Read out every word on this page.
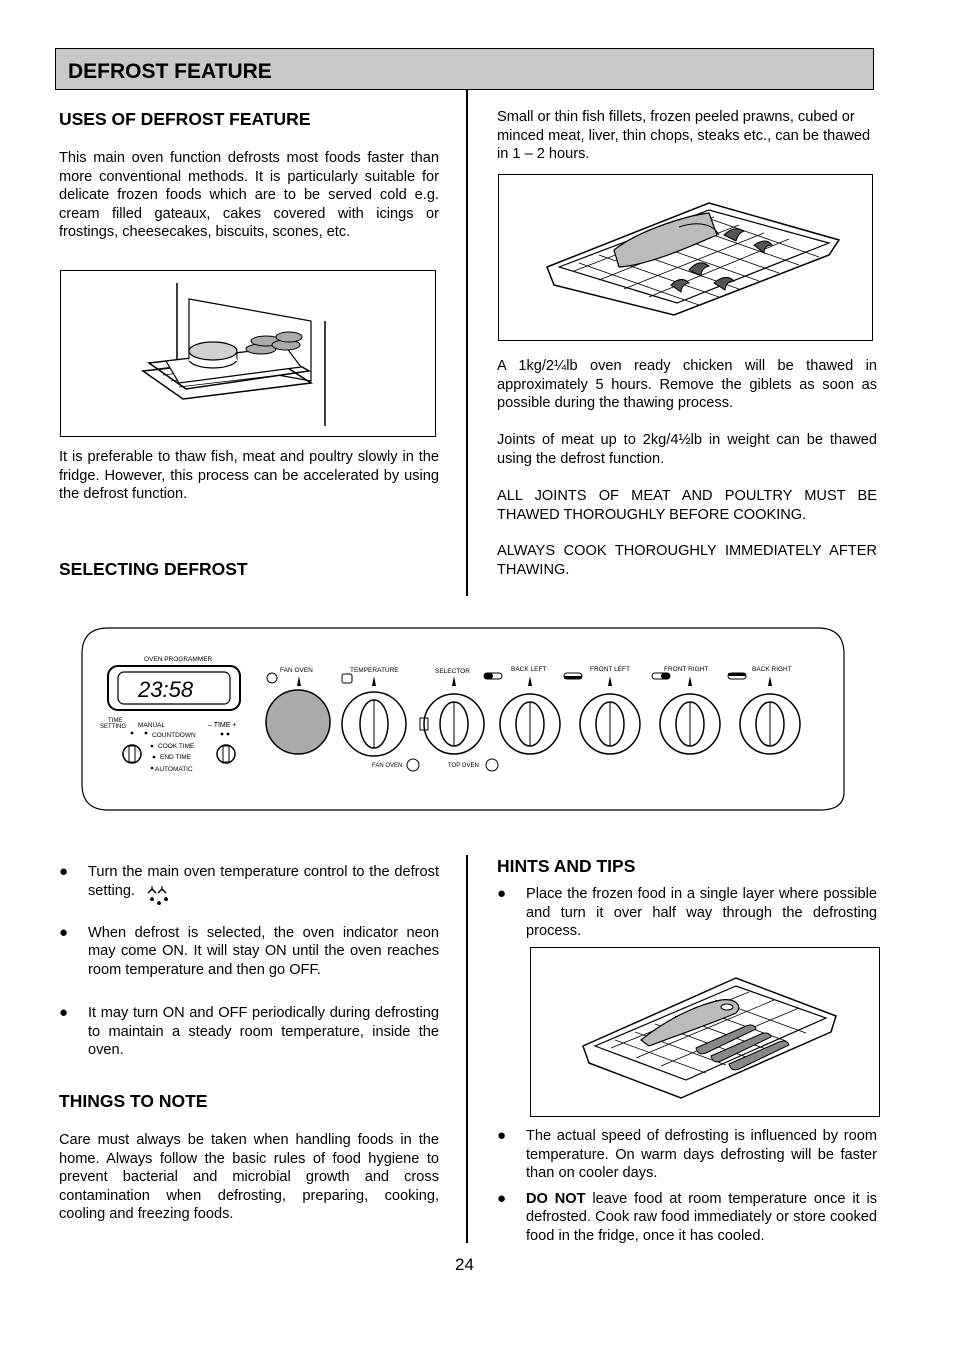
DEFROST FEATURE
USES OF DEFROST FEATURE

This main oven function defrosts most foods faster than more conventional methods. It is particularly suitable for delicate frozen foods which are to be served cold e.g. cream filled gateaux, cakes covered with icings or frostings, cheesecakes, biscuits, scones, etc.

It is preferable to thaw fish, meat and poultry slowly in the fridge. However, this process can be accelerated by using the defrost function.

SELECTING DEFROST

Small or thin fish fillets, frozen peeled prawns, cubed or minced meat, liver, thin chops, steaks etc., can be thawed in 1 – 2 hours.

A 1kg/2¼lb oven ready chicken will be thawed in approximately 5 hours. Remove the giblets as soon as possible during the thawing process.

Joints of meat up to 2kg/4½lb in weight can be thawed using the defrost function.

ALL JOINTS OF MEAT AND POULTRY MUST BE THAWED THOROUGHLY BEFORE COOKING.

ALWAYS COOK THOROUGHLY IMMEDIATELY AFTER THAWING.

OVEN PROGRAMMER
23:58
TIME
SETTING MANUAL	– TIME +
COUNTDOWN
COOK TIME
END TIME
AUTOMATIC
FAN OVEN	TEMPERATURE	SELECTOR
FAN OVEN	TOP OVEN
BACK LEFT	FRONT LEFT	FRONT RIGHT	BACK RIGHT
● Turn the main oven temperature control to the defrost setting.
● When defrost is selected, the oven indicator neon may come ON. It will stay ON until the oven reaches room temperature and then go OFF.
● It may turn ON and OFF periodically during defrosting to maintain a steady room temperature, inside the oven.
THINGS TO NOTE

Care must always be taken when handling foods in the home. Always follow the basic rules of food hygiene to prevent bacterial and microbial growth and cross contamination when defrosting, preparing, cooking, cooling and freezing foods.

HINTS AND TIPS
● Place the frozen food in a single layer where possible and turn it over half way through the defrosting process.
● The actual speed of defrosting is influenced by room temperature. On warm days defrosting will be faster than on cooler days.
● DO NOT leave food at room temperature once it is defrosted. Cook raw food immediately or store cooked food in the fridge, once it has cooled.
24
